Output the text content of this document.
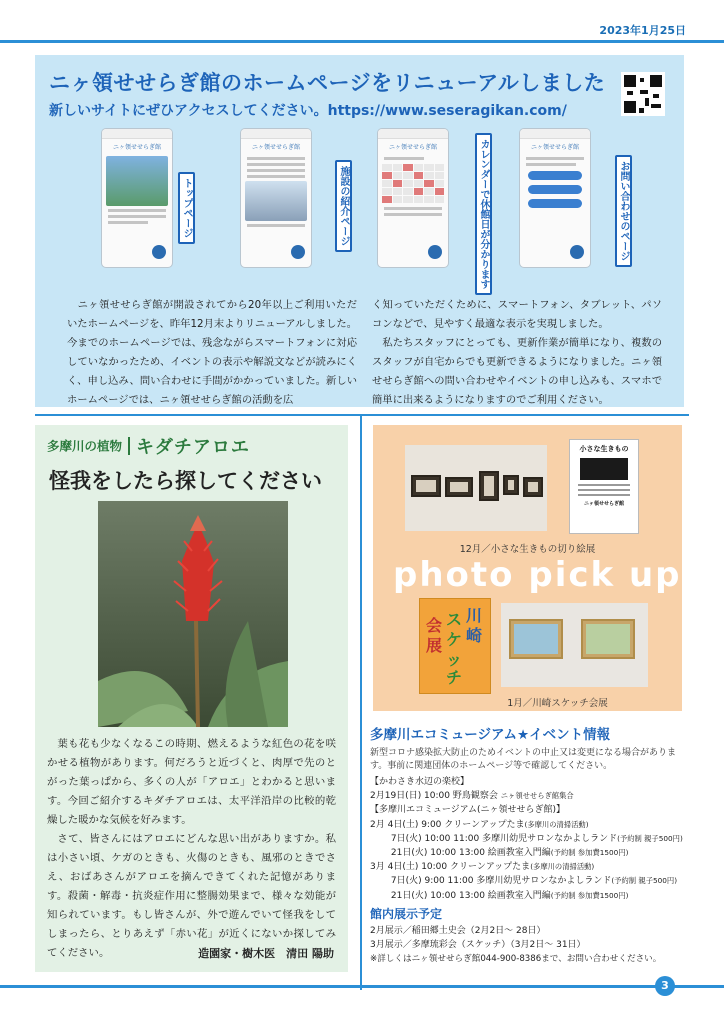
2023年1月25日
ニヶ領せせらぎ館のホームページをリニューアルしました
新しいサイトにぜひアクセスしてください。https://www.seseragikan.com/
ニヶ領せせらぎ館
トップページ
ニヶ領せせらぎ館
施設の紹介ページ
ニヶ領せせらぎ館	カレンダーで休館日が分かります	ニヶ領せせらぎ館
お問い合わせのページ
　ニヶ領せせらぎ館が開設されてから20年以上ご利用いただいたホームページを、昨年12月末よりリニューアルしました。今までのホームページでは、残念ながらスマートフォンに対応していなかったため、イベントの表示や解説文などが読みにくく、申し込み、問い合わせに手間がかかっていました。新しいホームページでは、ニヶ領せせらぎ館の活動を広
く知っていただくために、スマートフォン、タブレット、パソコンなどで、見やすく最適な表示を実現しました。
　私たちスタッフにとっても、更新作業が簡単になり、複数のスタッフが自宅からでも更新できるようになりました。ニヶ領せせらぎ館への問い合わせやイベントの申し込みも、スマホで簡単に出来るようになりますのでご利用ください。
多摩川の植物 キダチアロエ
怪我をしたら探してください

葉も花も少なくなるこの時期、燃えるような紅色の花を咲かせる植物があります。何だろうと近づくと、肉厚で先のとがった葉っぱから、多くの人が「アロエ」とわかると思います。今回ご紹介するキダチアロエは、太平洋沿岸の比較的乾燥した暖かな気候を好みます。

さて、皆さんにはアロエにどんな思い出がありますか。私は小さい頃、ケガのときも、火傷のときも、風邪のときでさえ、おばあさんがアロエを摘んできてくれた記憶があります。殺菌・解毒・抗炎症作用に整腸効果まで、様々な効能が知られています。もし皆さんが、外で遊んでいて怪我をしてしまったら、とりあえず「赤い花」が近くにないか探してみてください。	造園家・樹木医　清田 陽助
小さな生きもの
ニヶ領せせらぎ館
12月／小さな生きもの切り絵展
photo pick up
川
崎
ス
ケ
ッ
チ
会
展
1月／川崎スケッチ会展
多摩川エコミュージアム★イベント情報
新型コロナ感染拡大防止のためイベントの中止又は変更になる場合があります。事前に関連団体のホームページ等で確認してください。
【かわさき水辺の楽校】
2月19日(日) 10:00 野鳥観察会 ニヶ領せせらぎ館集合
【多摩川エコミュージアム(ニヶ領せせらぎ館)】
2月 4日(土) 9:00 クリーンアップたま(多摩川の清掃活動)
　　 7日(火) 10:00 11:00 多摩川幼児サロンなかよしランド(予約制 親子500円)
　　 21日(火) 10:00 13:00 絵画教室入門編(予約制 参加費1500円)
3月 4日(土) 10:00 クリーンアップたま(多摩川の清掃活動)
　　 7日(火) 9:00 11:00 多摩川幼児サロンなかよしランド(予約制 親子500円)
　　 21日(火) 10:00 13:00 絵画教室入門編(予約制 参加費1500円)
館内展示予定
2月展示／稲田郷土史会（2月2日～ 28日）
3月展示／多摩琉彩会（スケッチ）（3月2日～ 31日）
※詳しくはニヶ領せせらぎ館044-900-8386まで、お問い合わせください。
3
